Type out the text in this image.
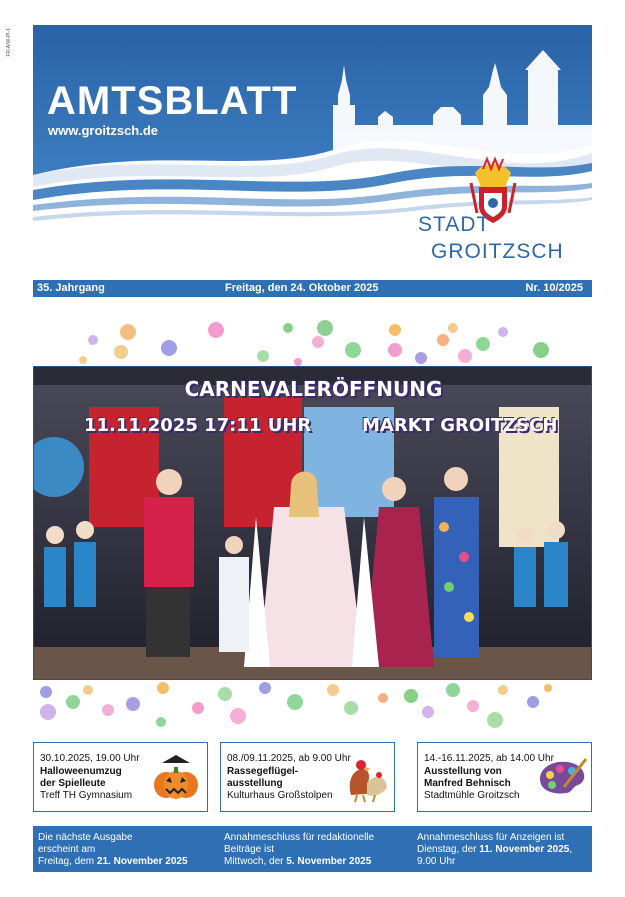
FR-A/W-PI-1
AMTSBLATT
www.groitzsch.de
STADT
GROITZSCH
35. Jahrgang	Freitag, den 24. Oktober 2025	Nr. 10/2025
CARNEVALERÖFFNUNG
11.11.2025 17:11 UHR	MARKT GROITZSCH
30.10.2025, 19.00 Uhr
Halloweenumzug
der Spielleute
Treff TH Gymnasium
08./09.11.2025, ab 9.00 Uhr
Rassegeflügel-
ausstellung
Kulturhaus Großstolpen
14.-16.11.2025, ab 14.00 Uhr
Ausstellung von
Manfred Behnisch
Stadtmühle Groitzsch
Die nächste Ausgabe
erscheint am
Freitag, dem 21. November 2025
Annahmeschluss für redaktionelle
Beiträge ist
Mittwoch, der 5. November 2025
Annahmeschluss für Anzeigen ist
Dienstag, der 11. November 2025,
9.00 Uhr
